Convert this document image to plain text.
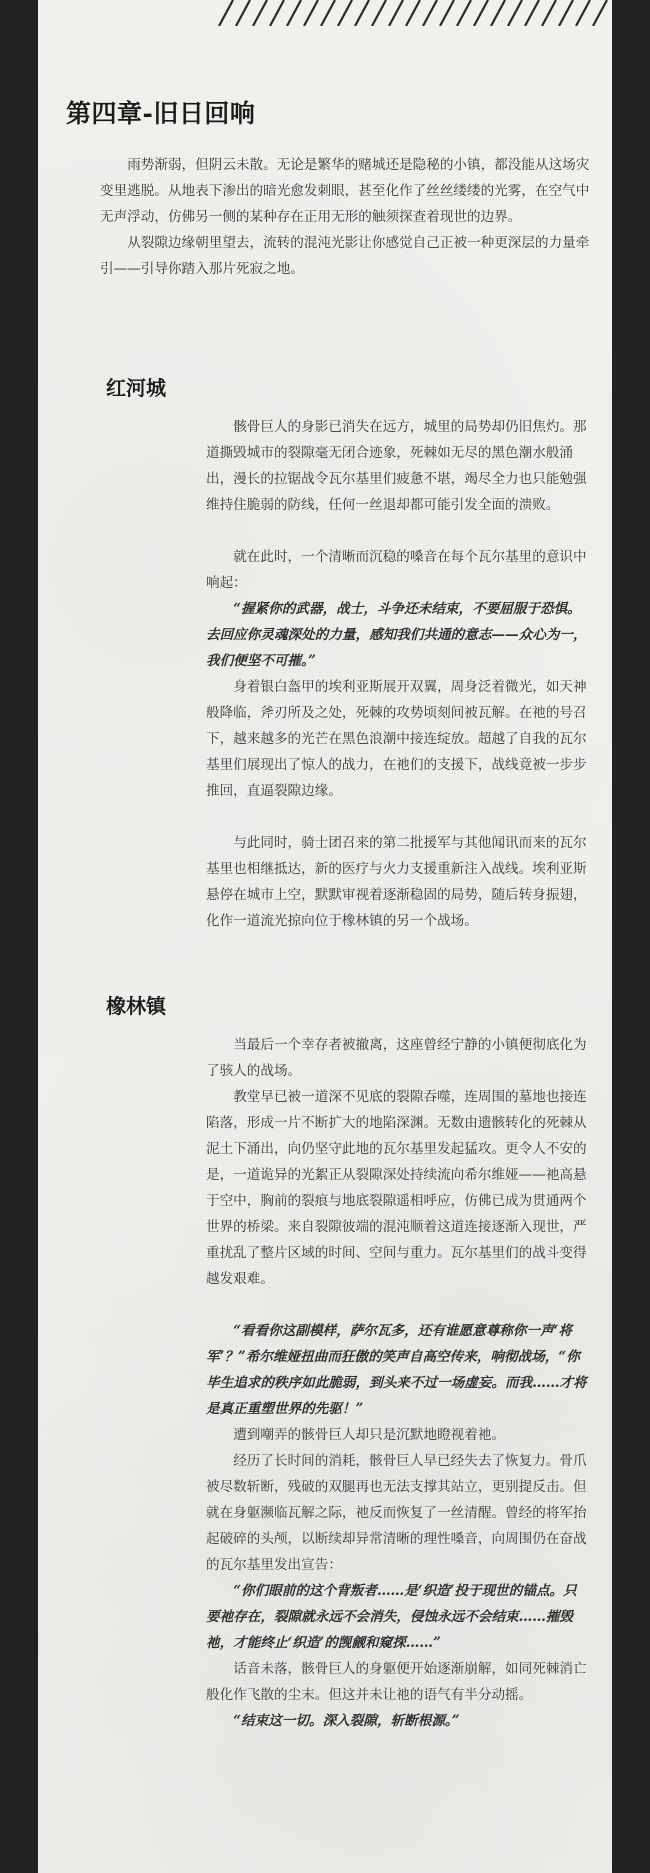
第四章-旧日回响

雨势渐弱，但阴云未散。无论是繁华的赌城还是隐秘的小镇，都没能从这场灾变里逃脱。从地表下渗出的暗光愈发刺眼，甚至化作了丝丝缕缕的光雾，在空气中无声浮动，仿佛另一侧的某种存在正用无形的触须探查着现世的边界。

从裂隙边缘朝里望去，流转的混沌光影让你感觉自己正被一种更深层的力量牵引——引导你踏入那片死寂之地。

红河城

骸骨巨人的身影已消失在远方，城里的局势却仍旧焦灼。那道撕毁城市的裂隙毫无闭合迹象，死棘如无尽的黑色潮水般涌出，漫长的拉锯战令瓦尔基里们疲惫不堪，竭尽全力也只能勉强维持住脆弱的防线，任何一丝退却都可能引发全面的溃败。

就在此时，一个清晰而沉稳的嗓音在每个瓦尔基里的意识中响起：

“握紧你的武器，战士，斗争还未结束，不要屈服于恐惧。去回应你灵魂深处的力量，感知我们共通的意志——众心为一，我们便坚不可摧。”

身着银白盔甲的埃利亚斯展开双翼，周身泛着微光，如天神般降临，斧刃所及之处，死棘的攻势顷刻间被瓦解。在祂的号召下，越来越多的光芒在黑色浪潮中接连绽放。超越了自我的瓦尔基里们展现出了惊人的战力，在祂们的支援下，战线竟被一步步推回，直逼裂隙边缘。

与此同时，骑士团召来的第二批援军与其他闻讯而来的瓦尔基里也相继抵达，新的医疗与火力支援重新注入战线。埃利亚斯悬停在城市上空，默默审视着逐渐稳固的局势，随后转身振翅，化作一道流光掠向位于橡林镇的另一个战场。

橡林镇

当最后一个幸存者被撤离，这座曾经宁静的小镇便彻底化为了骇人的战场。

教堂早已被一道深不见底的裂隙吞噬，连周围的墓地也接连陷落，形成一片不断扩大的地陷深渊。无数由遗骸转化的死棘从泥土下涌出，向仍坚守此地的瓦尔基里发起猛攻。更令人不安的是，一道诡异的光絮正从裂隙深处持续流向希尔维娅——祂高悬于空中，胸前的裂痕与地底裂隙遥相呼应，仿佛已成为贯通两个世界的桥梁。来自裂隙彼端的混沌顺着这道连接逐渐入现世，严重扰乱了整片区域的时间、空间与重力。瓦尔基里们的战斗变得越发艰难。

“看看你这副模样，萨尔瓦多，还有谁愿意尊称你一声‘将军’？”希尔维娅扭曲而狂傲的笑声自高空传来，响彻战场，“你毕生追求的秩序如此脆弱，到头来不过一场虚妄。而我……才将是真正重塑世界的先驱！”

遭到嘲弄的骸骨巨人却只是沉默地瞪视着祂。

经历了长时间的消耗，骸骨巨人早已经失去了恢复力。骨爪被尽数斩断，残破的双腿再也无法支撑其站立，更别提反击。但就在身躯濒临瓦解之际，祂反而恢复了一丝清醒。曾经的将军抬起破碎的头颅，以断续却异常清晰的理性嗓音，向周围仍在奋战的瓦尔基里发出宣告：

“你们眼前的这个背叛者……是‘织造’投于现世的锚点。只要祂存在，裂隙就永远不会消失，侵蚀永远不会结束……摧毁祂，才能终止‘织造’的觊觎和窥探……”

话音未落，骸骨巨人的身躯便开始逐渐崩解，如同死棘消亡般化作飞散的尘末。但这并未让祂的语气有半分动摇。

“结束这一切。深入裂隙，斩断根源。”
